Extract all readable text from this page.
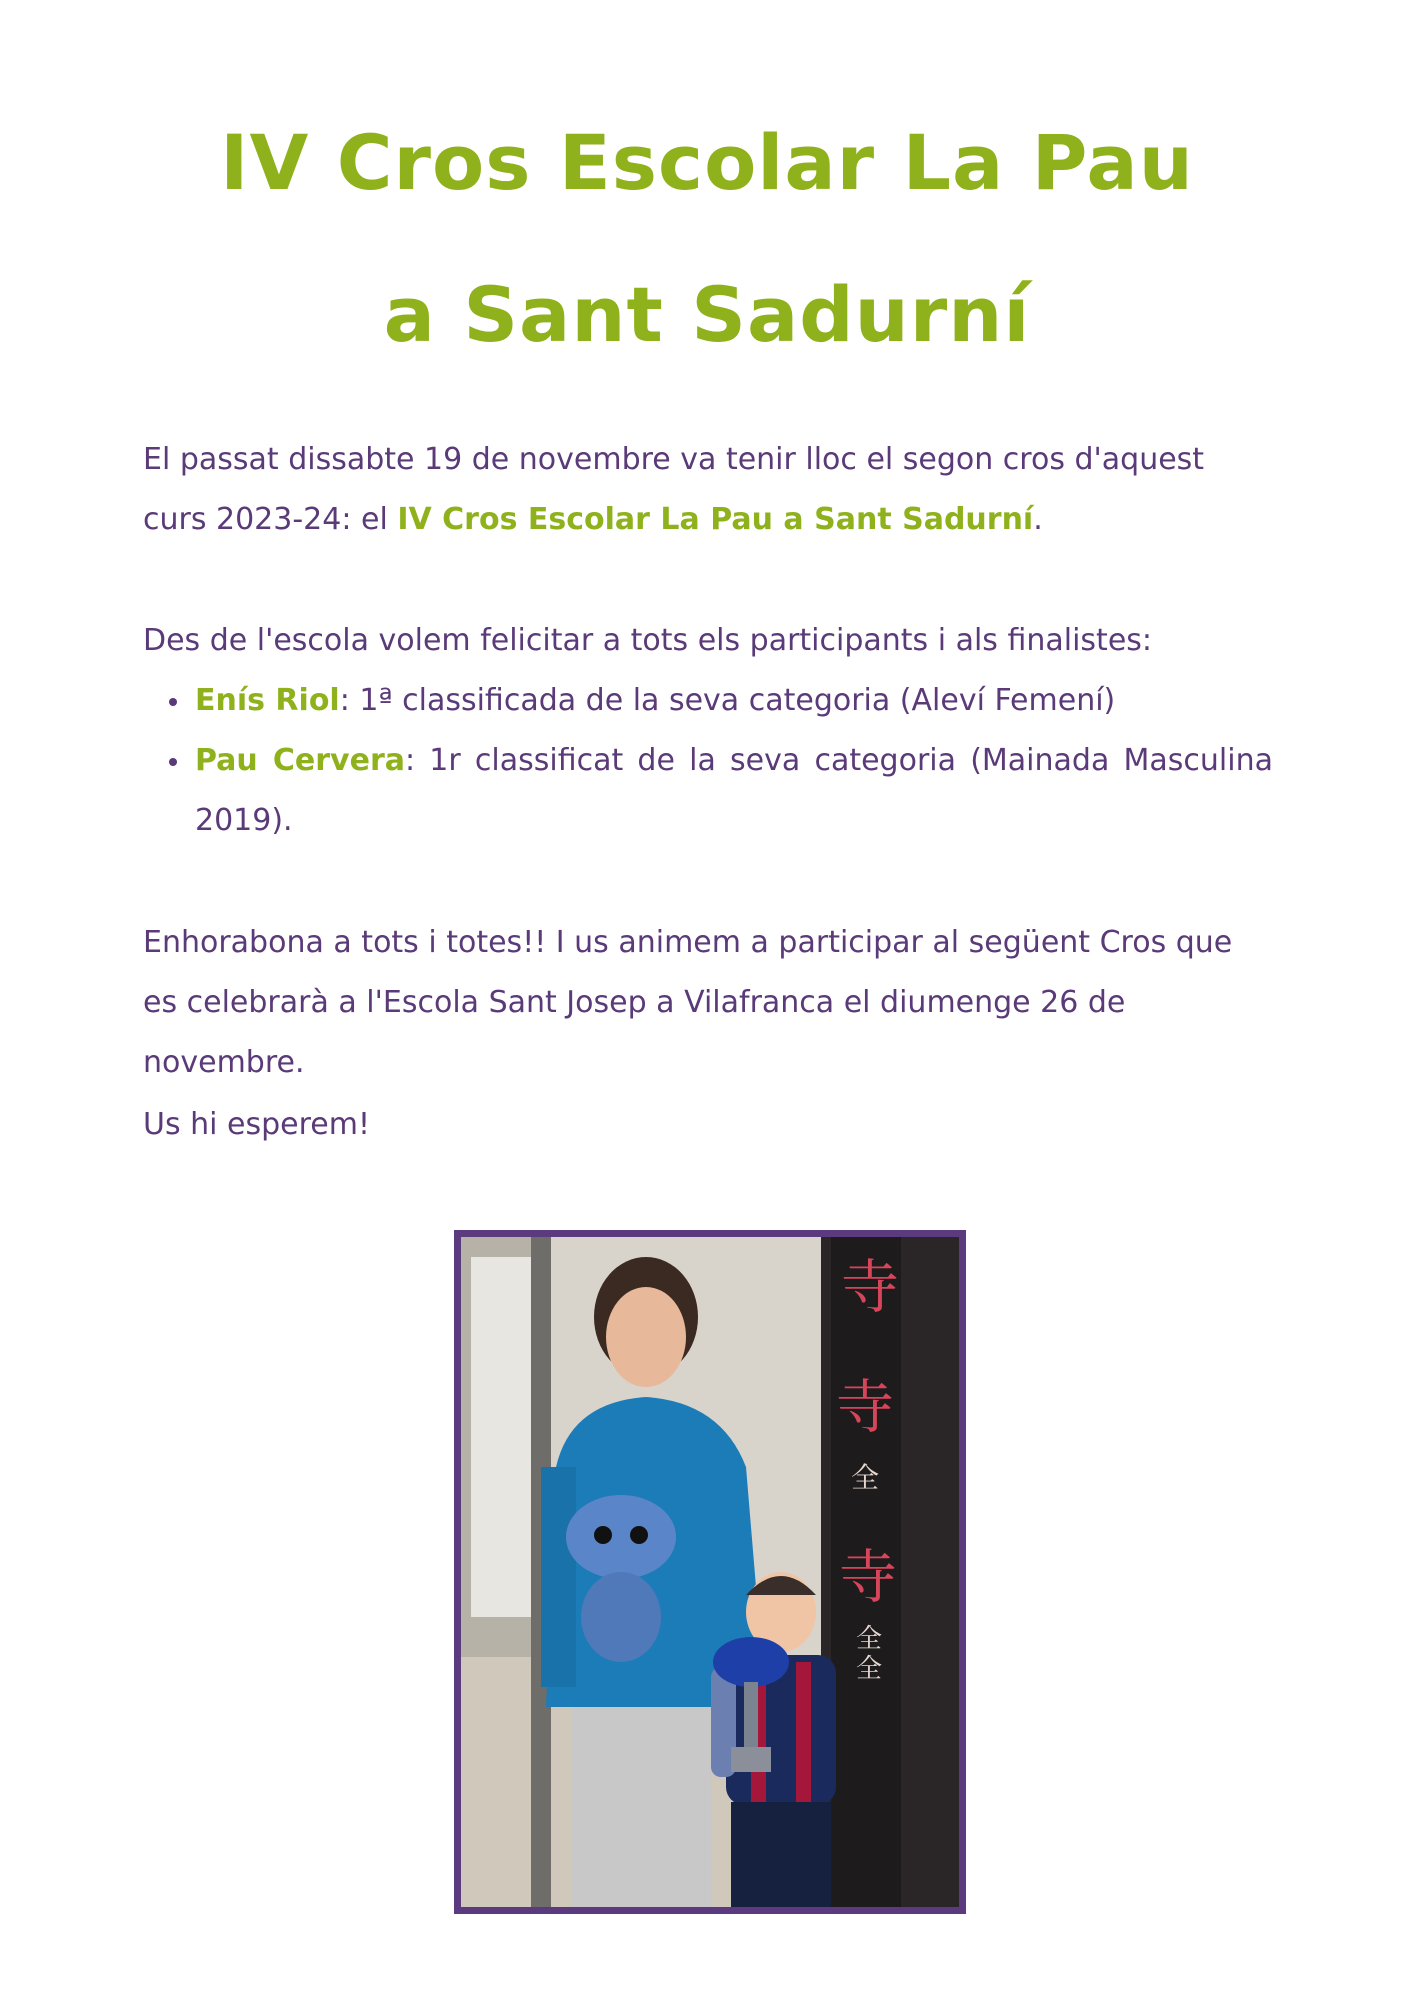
IV Cros Escolar La Pau
a Sant Sadurní

El passat dissabte 19 de novembre va tenir lloc el segon cros d'aquest curs 2023-24: el IV Cros Escolar La Pau a Sant Sadurní.

Des de l'escola volem felicitar a tots els participants i als finalistes:

Enís Riol: 1ª classificada de la seva categoria (Aleví Femení)
Pau Cervera: 1r classificat de la seva categoria (Mainada Masculina 2019).

Enhorabona a tots i totes!! I us animem a participar al següent Cros que es celebrarà a l'Escola Sant Josep a Vilafranca el diumenge 26 de novembre.

Us hi esperem!

寺
寺
全
寺
全
全
